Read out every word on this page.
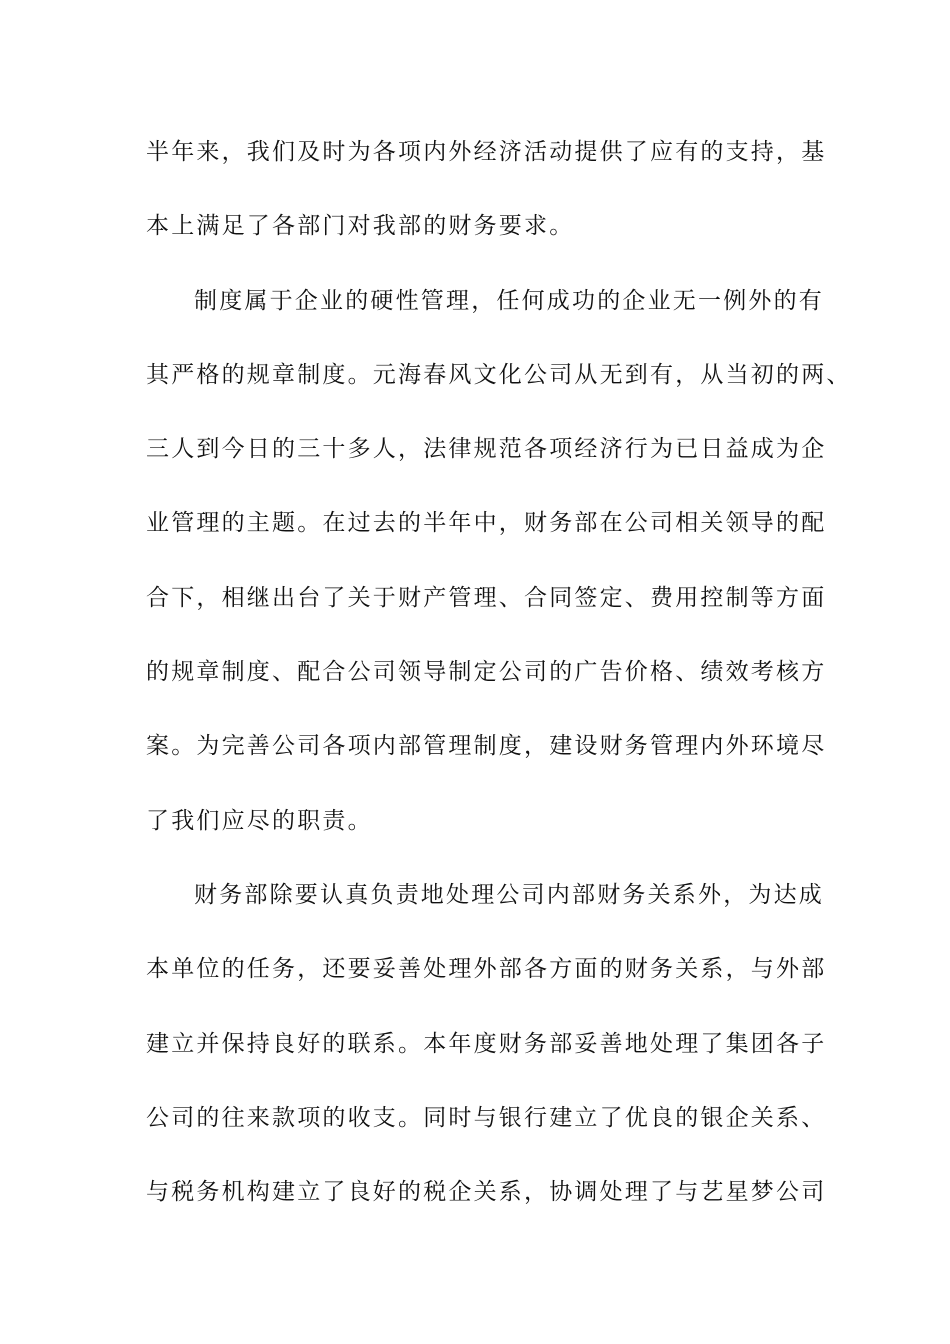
半年来，我们及时为各项内外经济活动提供了应有的支持，基
本上满足了各部门对我部的财务要求。
制度属于企业的硬性管理，任何成功的企业无一例外的有
其严格的规章制度。元海春风文化公司从无到有，从当初的两、
三人到今日的三十多人，法律规范各项经济行为已日益成为企
业管理的主题。在过去的半年中，财务部在公司相关领导的配
合下，相继出台了关于财产管理、合同签定、费用控制等方面
的规章制度、配合公司领导制定公司的广告价格、绩效考核方
案。为完善公司各项内部管理制度，建设财务管理内外环境尽
了我们应尽的职责。
财务部除要认真负责地处理公司内部财务关系外，为达成
本单位的任务，还要妥善处理外部各方面的财务关系，与外部
建立并保持良好的联系。本年度财务部妥善地处理了集团各子
公司的往来款项的收支。同时与银行建立了优良的银企关系、
与税务机构建立了良好的税企关系，协调处理了与艺星梦公司
